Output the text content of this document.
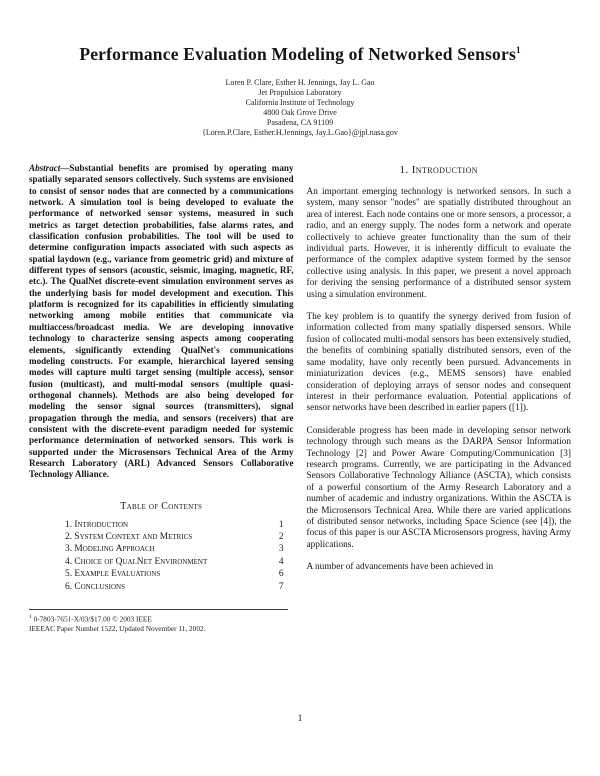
Performance Evaluation Modeling of Networked Sensors$^1$
Loren P. Clare, Esther H. Jennings, Jay L. Gao
Jet Propulsion Laboratory
California Institute of Technology
4800 Oak Grove Drive
Pasadena, CA 91109
{Loren.P.Clare, Esther.H.Jennings, Jay.L.Gao}@jpl.nasa.gov

Abstract—Substantial benefits are promised by operating many spatially separated sensors collectively. Such systems are envisioned to consist of sensor nodes that are connected by a communications network. A simulation tool is being developed to evaluate the performance of networked sensor systems, measured in such metrics as target detection probabilities, false alarms rates, and classification confusion probabilities. The tool will be used to determine configuration impacts associated with such aspects as spatial laydown (e.g., variance from geometric grid) and mixture of different types of sensors (acoustic, seismic, imaging, magnetic, RF, etc.). The QualNet discrete-event simulation environment serves as the underlying basis for model development and execution. This platform is recognized for its capabilities in efficiently simulating networking among mobile entities that communicate via multiaccess/broadcast media. We are developing innovative technology to characterize sensing aspects among cooperating elements, significantly extending QualNet's communications modeling constructs. For example, hierarchical layered sensing modes will capture multi target sensing (multiple access), sensor fusion (multicast), and multi-modal sensors (multiple quasi-orthogonal channels). Methods are also being developed for modeling the sensor signal sources (transmitters), signal propagation through the media, and sensors (receivers) that are consistent with the discrete-event paradigm needed for systemic performance determination of networked sensors. This work is supported under the Microsensors Technical Area of the Army Research Laboratory (ARL) Advanced Sensors Collaborative Technology Alliance.

Table of Contents
1. Introduction	1
2. System Context and Metrics	2
3. Modeling Approach	3
4. Choice of QualNet Environment	4
5. Example Evaluations	6
6. Conclusions	7
$^1$ 0-7803-7651-X/03/$17.00 © 2003 IEEE
IEEEAC Paper Number 1522, Updated November 11, 2002.
1. Introduction

An important emerging technology is networked sensors. In such a system, many sensor "nodes" are spatially distributed throughout an area of interest. Each node contains one or more sensors, a processor, a radio, and an energy supply. The nodes form a network and operate collectively to achieve greater functionality than the sum of their individual parts. However, it is inherently difficult to evaluate the performance of the complex adaptive system formed by the sensor collective using analysis. In this paper, we present a novel approach for deriving the sensing performance of a distributed sensor system using a simulation environment.

The key problem is to quantify the synergy derived from fusion of information collected from many spatially dispersed sensors. While fusion of collocated multi-modal sensors has been extensively studied, the benefits of combining spatially distributed sensors, even of the same modality, have only recently been pursued. Advancements in miniaturization devices (e.g., MEMS sensors) have enabled consideration of deploying arrays of sensor nodes and consequent interest in their performance evaluation. Potential applications of sensor networks have been described in earlier papers ([1]).

Considerable progress has been made in developing sensor network technology through such means as the DARPA Sensor Information Technology [2] and Power Aware Computing/Communication [3] research programs. Currently, we are participating in the Advanced Sensors Collaborative Technology Alliance (ASCTA), which consists of a powerful consortium of the Army Research Laboratory and a number of academic and industry organizations. Within the ASCTA is the Microsensors Technical Area. While there are varied applications of distributed sensor networks, including Space Science (see [4]), the focus of this paper is our ASCTA Microsensors progress, having Army applications.

A number of advancements have been achieved in

1
